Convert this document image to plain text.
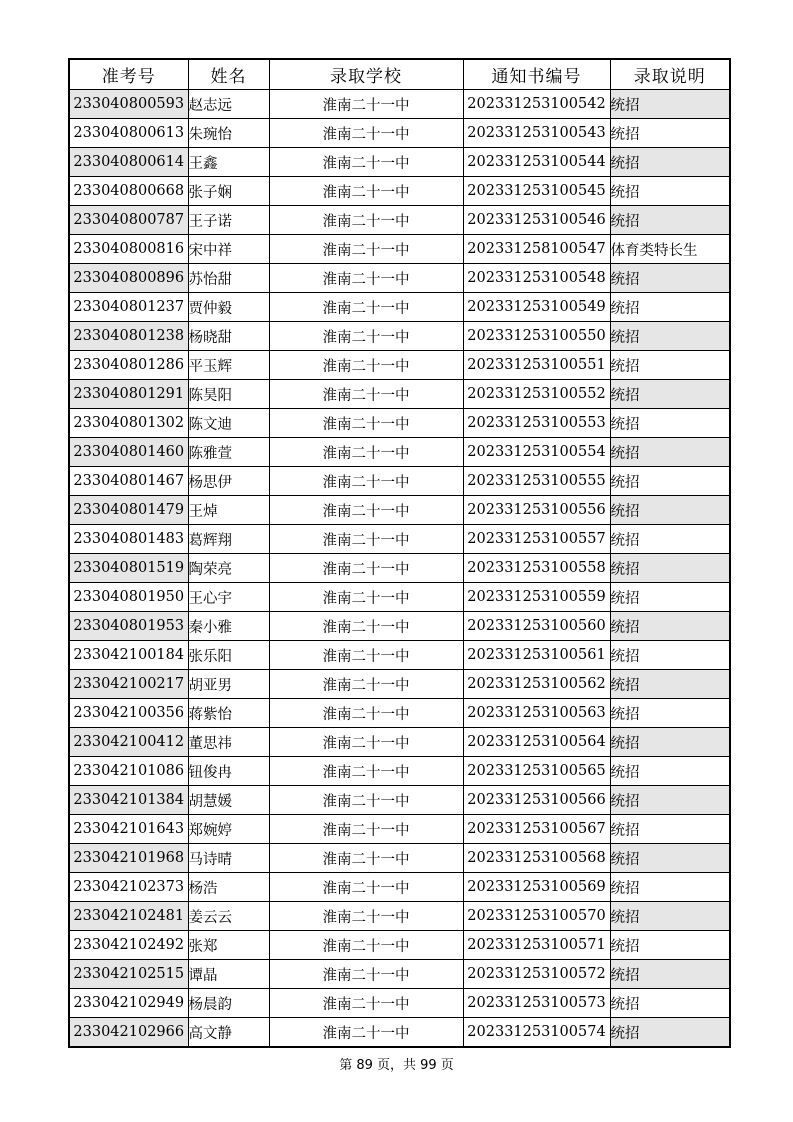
准考号	姓名	录取学校	通知书编号	录取说明
233040800593	赵志远	淮南二十一中	202331253100542	统招
233040800613	朱琬怡	淮南二十一中	202331253100543	统招
233040800614	王鑫	淮南二十一中	202331253100544	统招
233040800668	张子娴	淮南二十一中	202331253100545	统招
233040800787	王子诺	淮南二十一中	202331253100546	统招
233040800816	宋中祥	淮南二十一中	202331258100547	体育类特长生
233040800896	苏怡甜	淮南二十一中	202331253100548	统招
233040801237	贾仲毅	淮南二十一中	202331253100549	统招
233040801238	杨晓甜	淮南二十一中	202331253100550	统招
233040801286	平玉辉	淮南二十一中	202331253100551	统招
233040801291	陈昊阳	淮南二十一中	202331253100552	统招
233040801302	陈文迪	淮南二十一中	202331253100553	统招
233040801460	陈雅萱	淮南二十一中	202331253100554	统招
233040801467	杨思伊	淮南二十一中	202331253100555	统招
233040801479	王焯	淮南二十一中	202331253100556	统招
233040801483	葛辉翔	淮南二十一中	202331253100557	统招
233040801519	陶荣亮	淮南二十一中	202331253100558	统招
233040801950	王心宇	淮南二十一中	202331253100559	统招
233040801953	秦小雅	淮南二十一中	202331253100560	统招
233042100184	张乐阳	淮南二十一中	202331253100561	统招
233042100217	胡亚男	淮南二十一中	202331253100562	统招
233042100356	蒋紫怡	淮南二十一中	202331253100563	统招
233042100412	董思祎	淮南二十一中	202331253100564	统招
233042101086	钮俊冉	淮南二十一中	202331253100565	统招
233042101384	胡慧媛	淮南二十一中	202331253100566	统招
233042101643	郑婉婷	淮南二十一中	202331253100567	统招
233042101968	马诗晴	淮南二十一中	202331253100568	统招
233042102373	杨浩	淮南二十一中	202331253100569	统招
233042102481	姜云云	淮南二十一中	202331253100570	统招
233042102492	张郑	淮南二十一中	202331253100571	统招
233042102515	谭晶	淮南二十一中	202331253100572	统招
233042102949	杨晨韵	淮南二十一中	202331253100573	统招
233042102966	高文静	淮南二十一中	202331253100574	统招
第 89 页，共 99 页
